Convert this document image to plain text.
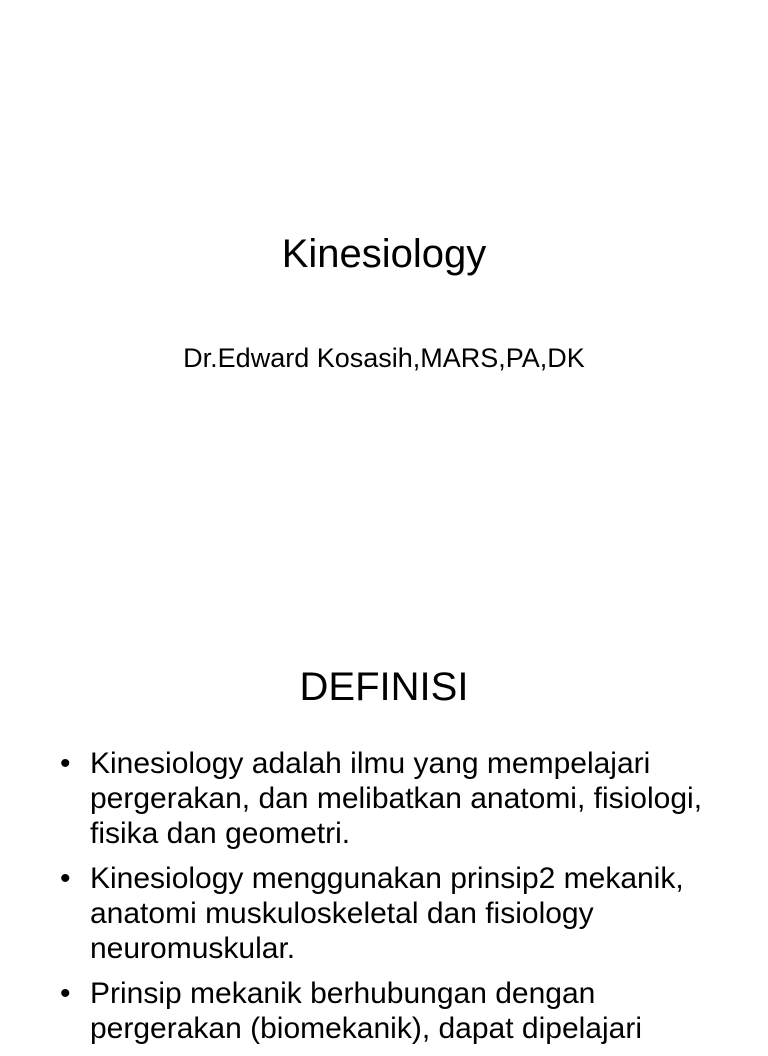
Kinesiology
Dr.Edward Kosasih,MARS,PA,DK
DEFINISI
• Kinesiology adalah ilmu yang mempelajari pergerakan, dan melibatkan anatomi, fisiologi, fisika dan geometri.
• Kinesiology menggunakan prinsip2 mekanik, anatomi muskuloskeletal dan fisiology neuromuskular.
• Prinsip mekanik berhubungan dengan pergerakan (biomekanik), dapat dipelajari
